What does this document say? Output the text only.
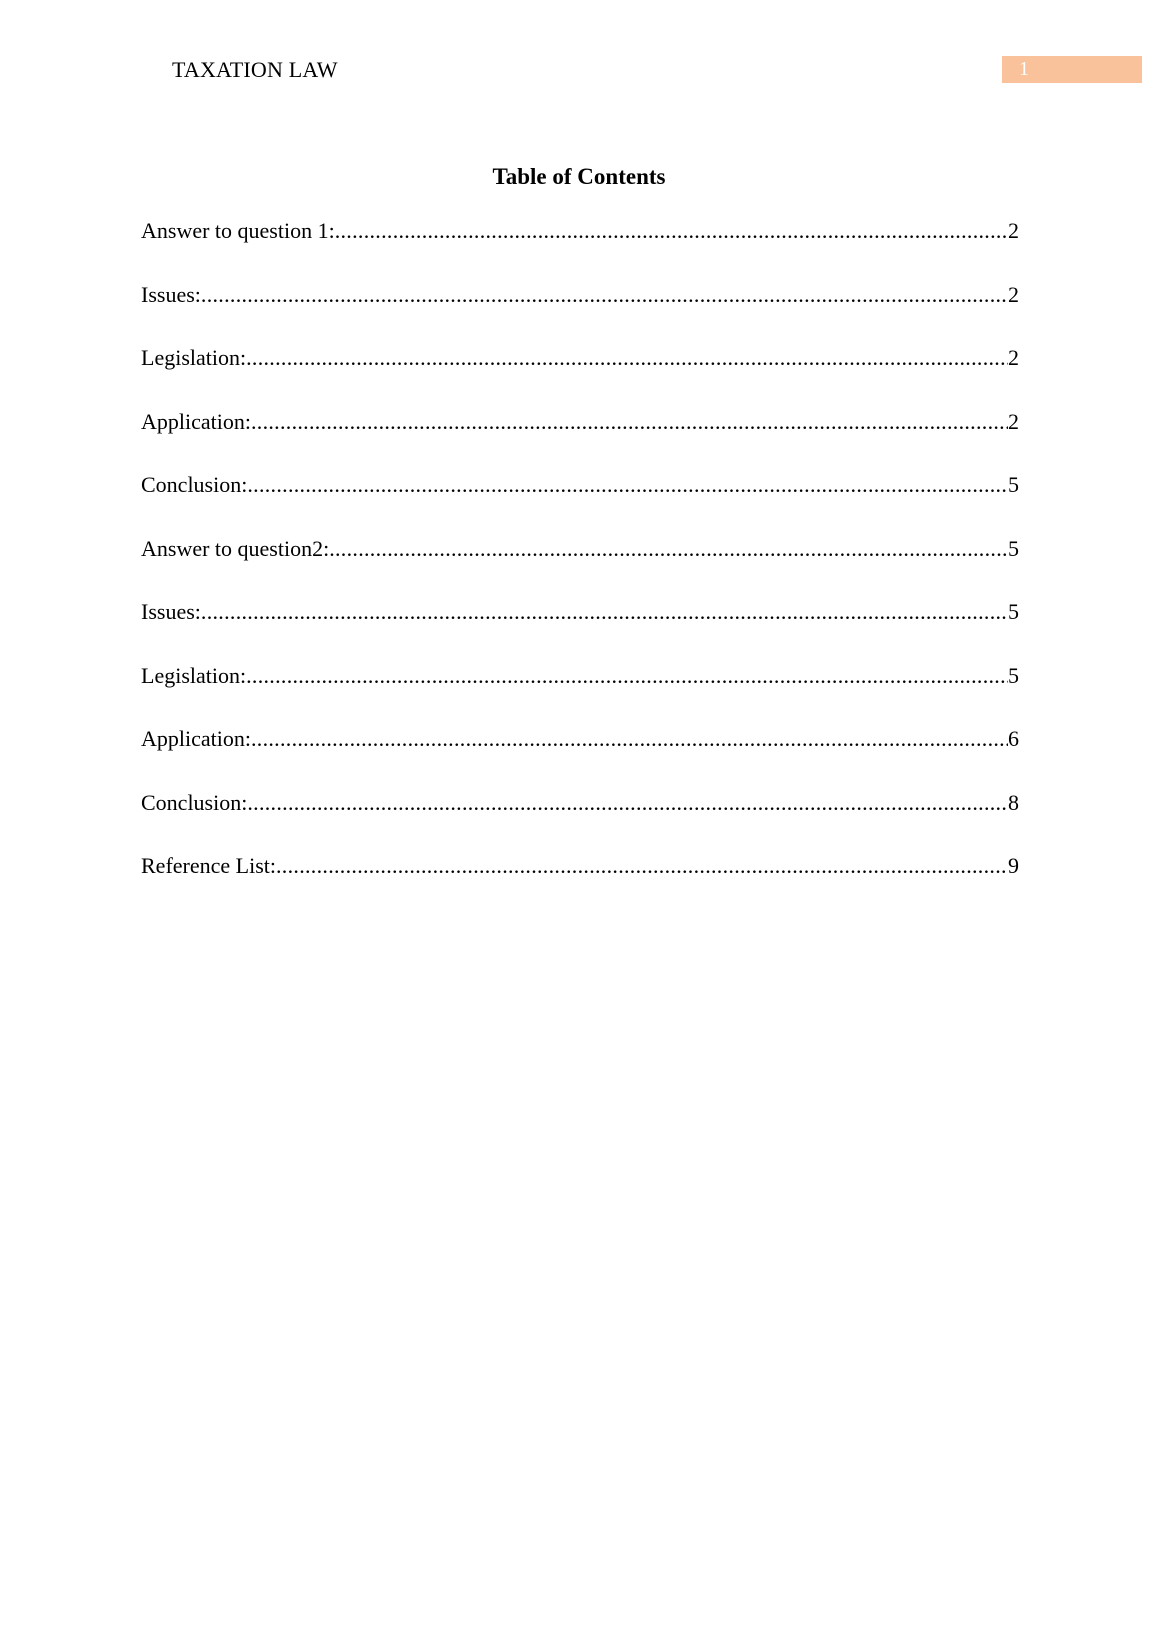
TAXATION LAW	1
Table of Contents
Answer to question 1: .....	2
Issues: .....	2
Legislation: .....	2
Application: .....	2
Conclusion: .....	5
Answer to question2: .....	5
Issues: .....	5
Legislation: .....	5
Application: .....	6
Conclusion: .....	8
Reference List: .....	9
